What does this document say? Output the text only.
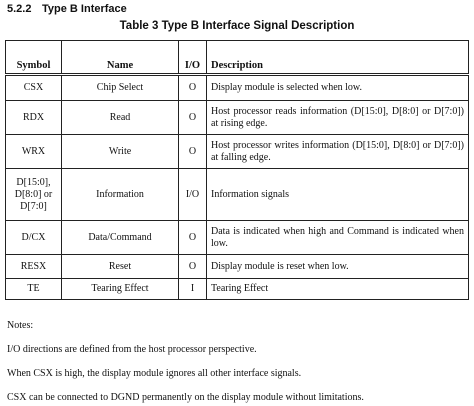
5.2.2 Type B Interface
Table 3 Type B Interface Signal Description
Symbol	Name	I/O	Description
CSX	Chip Select	O	Display module is selected when low.
RDX	Read	O	Host processor reads information (D[15:0], D[8:0] or D[7:0]) at rising edge.
WRX	Write	O	Host processor writes information (D[15:0], D[8:0] or D[7:0]) at falling edge.
D[15:0], D[8:0] or D[7:0]	Information	I/O	Information signals
D/CX	Data/Command	O	Data is indicated when high and Command is indicated when low.
RESX	Reset	O	Display module is reset when low.
TE	Tearing Effect	I	Tearing Effect

Notes:

I/O directions are defined from the host processor perspective.

When CSX is high, the display module ignores all other interface signals.

CSX can be connected to DGND permanently on the display module without limitations.
